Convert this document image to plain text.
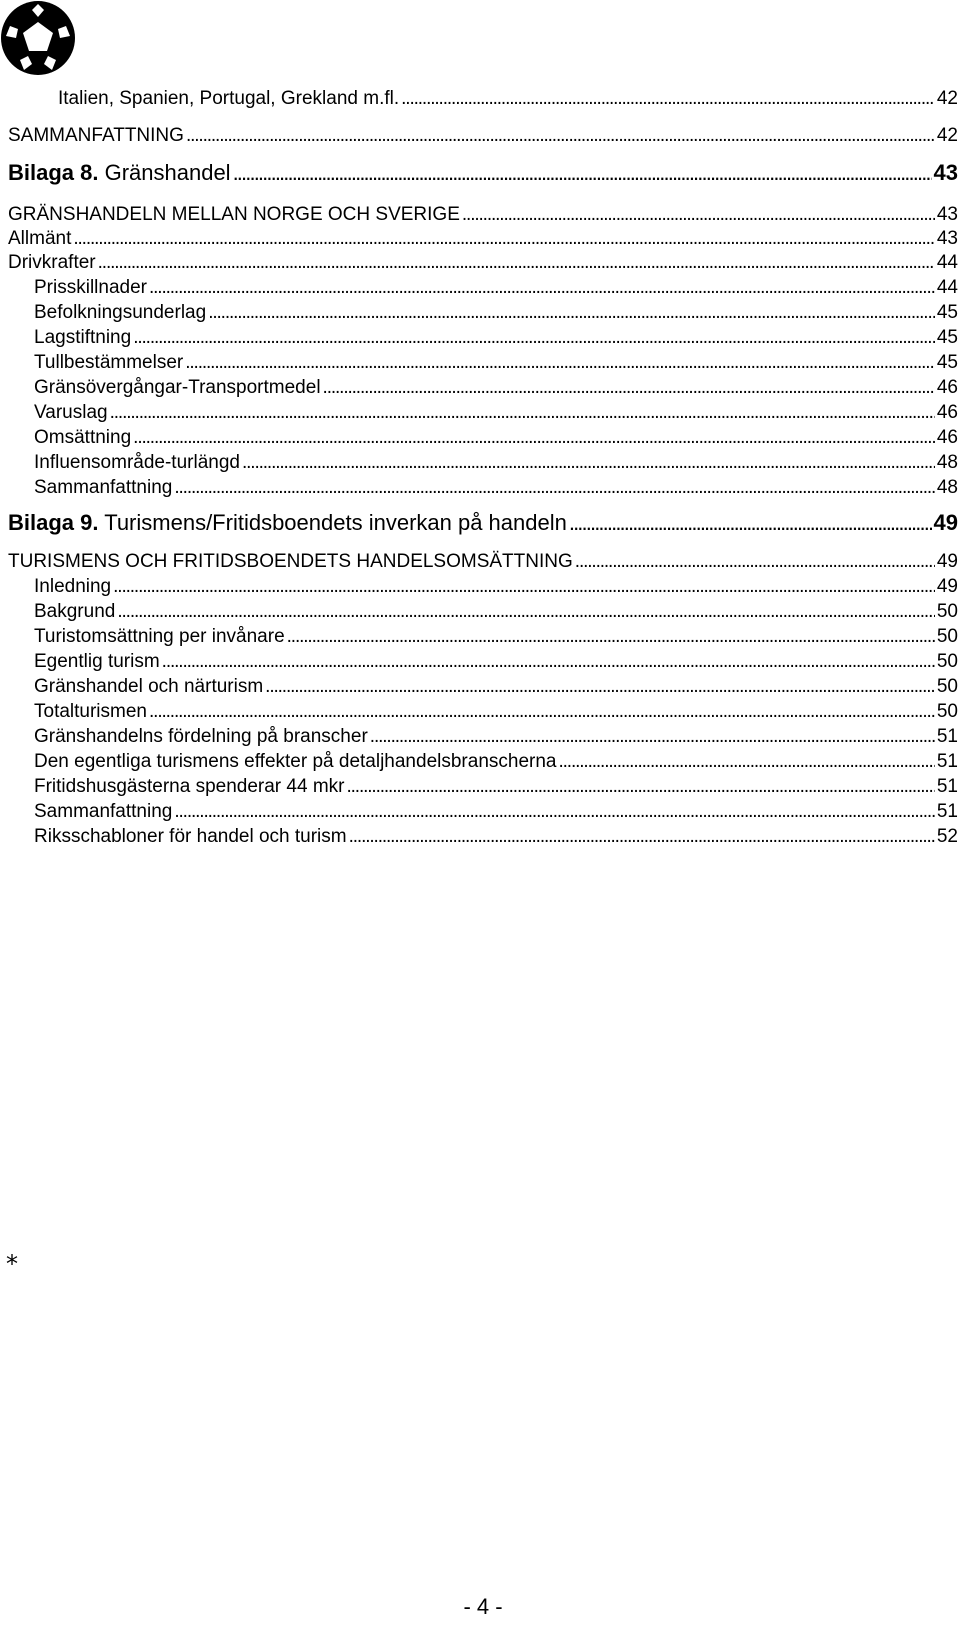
Italien, Spanien, Portugal, Grekland m.fl. . . .	42
SAMMANFATTNING . . .	42
Bilaga 8. Gränshandel . . .	43
GRÄNSHANDELN MELLAN NORGE OCH SVERIGE . . .	43
Allmänt . . .	43
Drivkrafter . . .	44
Prisskillnader . . .	44
Befolkningsunderlag . . .	45
Lagstiftning . . .	45
Tullbestämmelser . . .	45
Gränsövergångar-Transportmedel . . .	46
Varuslag . . .	46
Omsättning . . .	46
Influensområde-turlängd . . .	48
Sammanfattning . . .	48
Bilaga 9. Turismens/Fritidsboendets inverkan på handeln . . .	49
TURISMENS OCH FRITIDSBOENDETS HANDELSOMSÄTTNING . . .	49
Inledning . . .	49
Bakgrund . . .	50
Turistomsättning per invånare . . .	50
Egentlig turism . . .	50
Gränshandel och närturism . . .	50
Totalturismen . . .	50
Gränshandelns fördelning på branscher . . .	51
Den egentliga turismens effekter på detaljhandelsbranscherna . . .	51
Fritidshusgästerna spenderar 44 mkr . . .	51
Sammanfattning . . .	51
Riksschabloner för handel och turism . . .	52
*
- 4 -
